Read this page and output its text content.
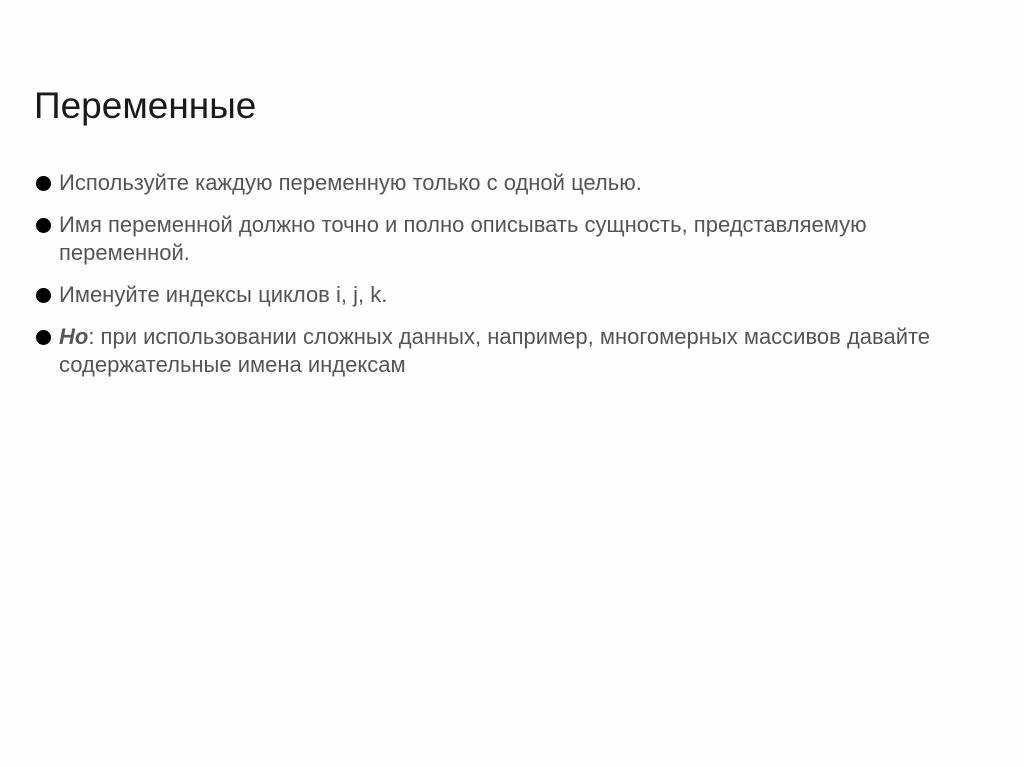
Переменные
Используйте каждую переменную только с одной целью.
Имя переменной должно точно и полно описывать сущность, представляемую переменной.
Именуйте индексы циклов i, j, k.
Но: при использовании сложных данных, например, многомерных массивов давайте содержательные имена индексам
